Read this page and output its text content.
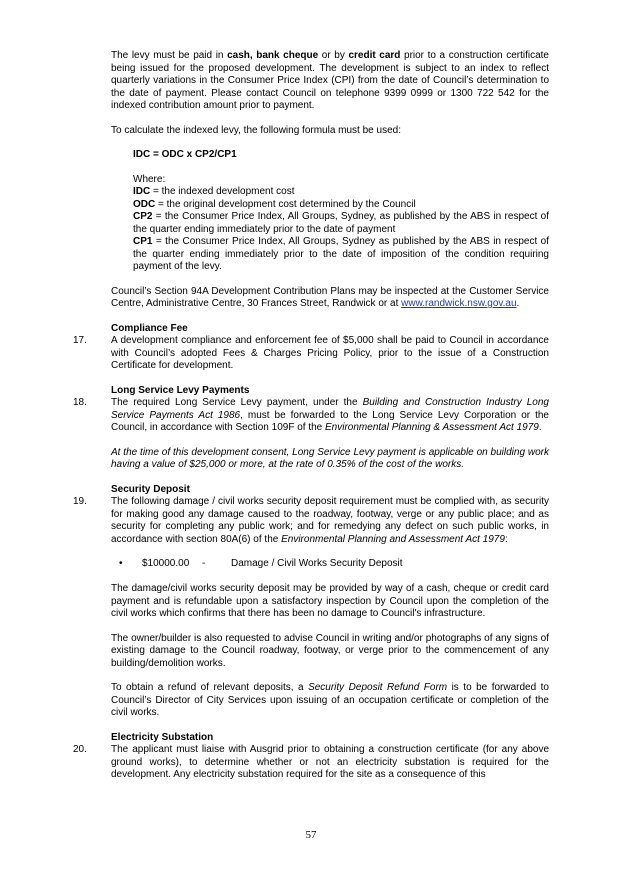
The levy must be paid in cash, bank cheque or by credit card prior to a construction certificate being issued for the proposed development. The development is subject to an index to reflect quarterly variations in the Consumer Price Index (CPI) from the date of Council’s determination to the date of payment. Please contact Council on telephone 9399 0999 or 1300 722 542 for the indexed contribution amount prior to payment.

To calculate the indexed levy, the following formula must be used:

IDC = ODC x CP2/CP1

Where:

IDC = the indexed development cost

ODC = the original development cost determined by the Council

CP2 = the Consumer Price Index, All Groups, Sydney, as published by the ABS in respect of the quarter ending immediately prior to the date of payment

CP1 = the Consumer Price Index, All Groups, Sydney as published by the ABS in respect of the quarter ending immediately prior to the date of imposition of the condition requiring payment of the levy.

Council’s Section 94A Development Contribution Plans may be inspected at the Customer Service Centre, Administrative Centre, 30 Frances Street, Randwick or at www.randwick.nsw.gov.au.

Compliance Fee

17. A development compliance and enforcement fee of $5,000 shall be paid to Council in accordance with Council’s adopted Fees & Charges Pricing Policy, prior to the issue of a Construction Certificate for development.

Long Service Levy Payments

18. The required Long Service Levy payment, under the Building and Construction Industry Long Service Payments Act 1986, must be forwarded to the Long Service Levy Corporation or the Council, in accordance with Section 109F of the Environmental Planning & Assessment Act 1979.

At the time of this development consent, Long Service Levy payment is applicable on building work having a value of $25,000 or more, at the rate of 0.35% of the cost of the works.

Security Deposit

19. The following damage / civil works security deposit requirement must be complied with, as security for making good any damage caused to the roadway, footway, verge or any public place; and as security for completing any public work; and for remedying any defect on such public works, in accordance with section 80A(6) of the Environmental Planning and Assessment Act 1979:

• $10000.00 -	Damage / Civil Works Security Deposit

The damage/civil works security deposit may be provided by way of a cash, cheque or credit card payment and is refundable upon a satisfactory inspection by Council upon the completion of the civil works which confirms that there has been no damage to Council's infrastructure.

The owner/builder is also requested to advise Council in writing and/or photographs of any signs of existing damage to the Council roadway, footway, or verge prior to the commencement of any building/demolition works.

To obtain a refund of relevant deposits, a Security Deposit Refund Form is to be forwarded to Council’s Director of City Services upon issuing of an occupation certificate or completion of the civil works.

Electricity Substation

20. The applicant must liaise with Ausgrid prior to obtaining a construction certificate (for any above ground works), to determine whether or not an electricity substation is required for the development. Any electricity substation required for the site as a consequence of this

57
